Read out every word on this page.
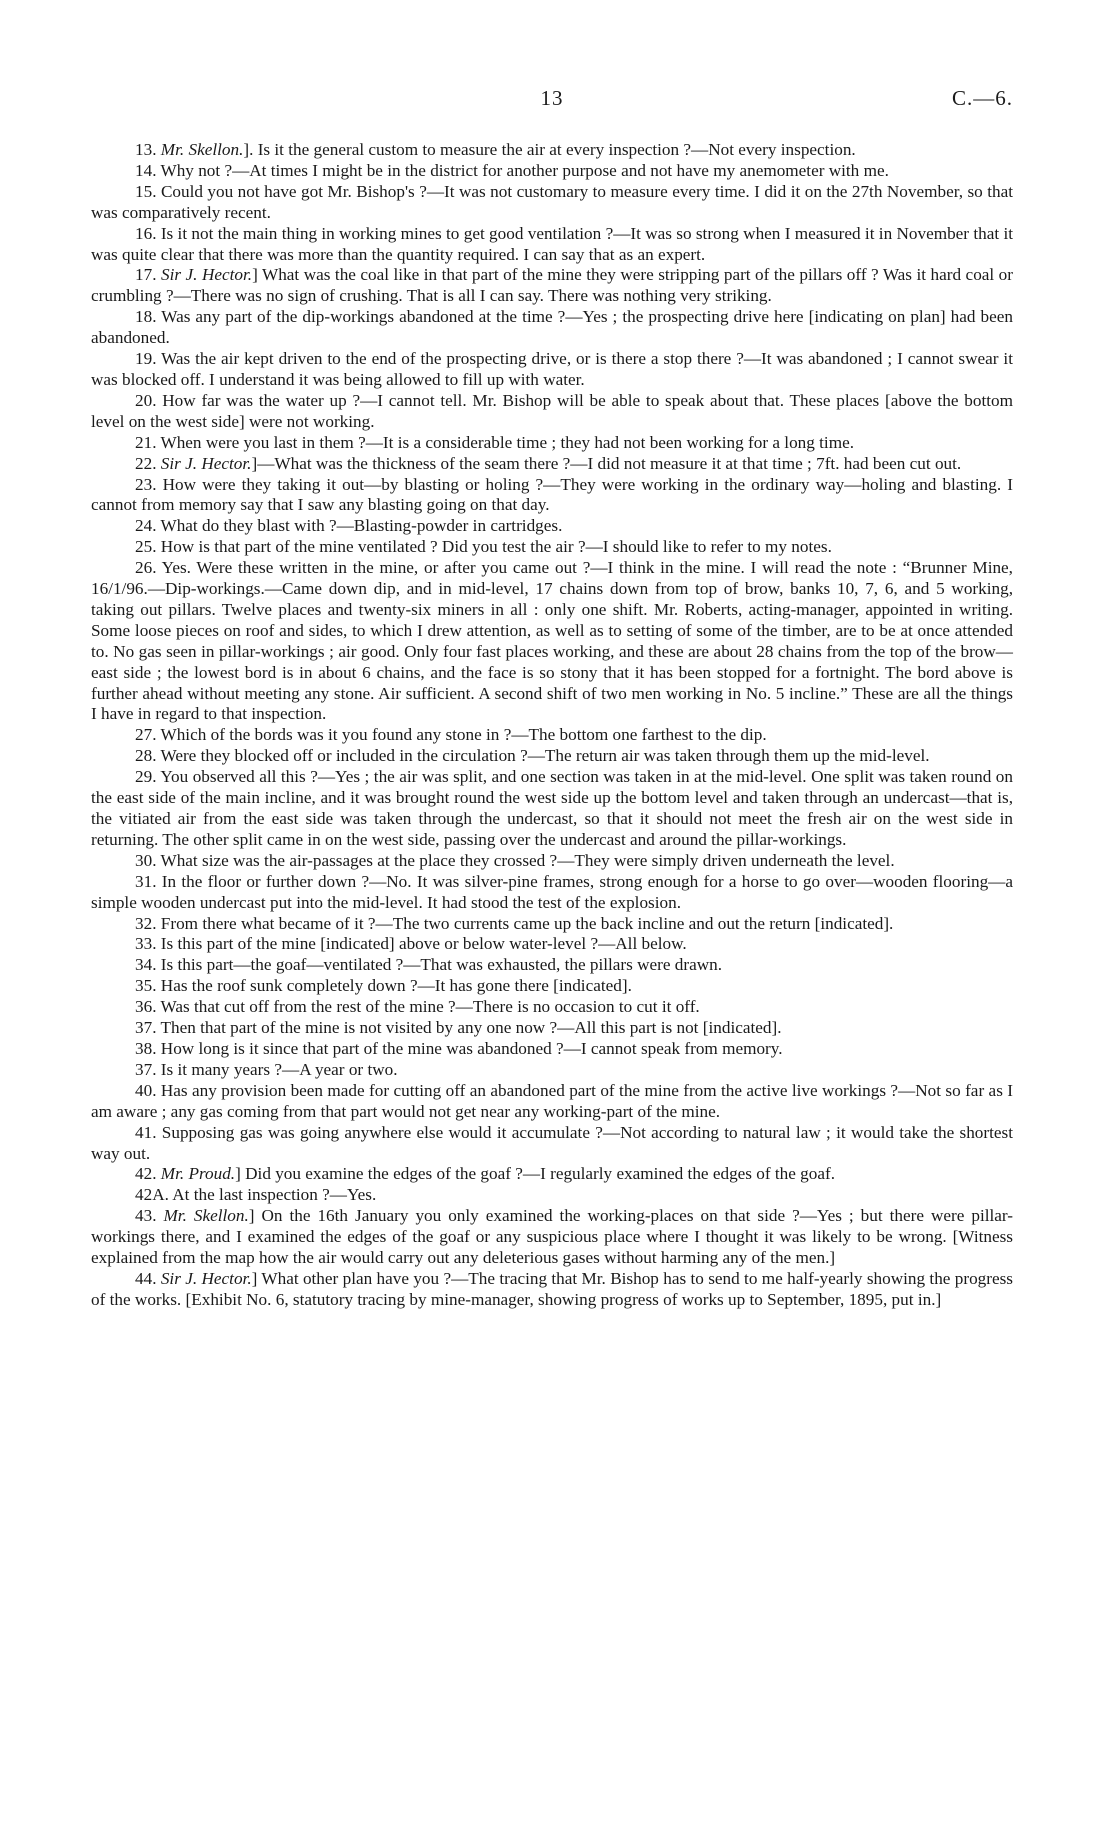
13	C.—6.

13. Mr. Skellon.]. Is it the general custom to measure the air at every inspection ?—Not every inspection.

14. Why not ?—At times I might be in the district for another purpose and not have my anemometer with me.

15. Could you not have got Mr. Bishop's ?—It was not customary to measure every time. I did it on the 27th November, so that was comparatively recent.

16. Is it not the main thing in working mines to get good ventilation ?—It was so strong when I measured it in November that it was quite clear that there was more than the quantity required. I can say that as an expert.

17. Sir J. Hector.] What was the coal like in that part of the mine they were stripping part of the pillars off ? Was it hard coal or crumbling ?—There was no sign of crushing. That is all I can say. There was nothing very striking.

18. Was any part of the dip-workings abandoned at the time ?—Yes ; the prospecting drive here [indicating on plan] had been abandoned.

19. Was the air kept driven to the end of the prospecting drive, or is there a stop there ?—It was abandoned ; I cannot swear it was blocked off. I understand it was being allowed to fill up with water.

20. How far was the water up ?—I cannot tell. Mr. Bishop will be able to speak about that. These places [above the bottom level on the west side] were not working.

21. When were you last in them ?—It is a considerable time ; they had not been working for a long time.

22. Sir J. Hector.]—What was the thickness of the seam there ?—I did not measure it at that time ; 7ft. had been cut out.

23. How were they taking it out—by blasting or holing ?—They were working in the ordinary way—holing and blasting. I cannot from memory say that I saw any blasting going on that day.

24. What do they blast with ?—Blasting-powder in cartridges.

25. How is that part of the mine ventilated ? Did you test the air ?—I should like to refer to my notes.

26. Yes. Were these written in the mine, or after you came out ?—I think in the mine. I will read the note : “Brunner Mine, 16/1/96.—Dip-workings.—Came down dip, and in mid-level, 17 chains down from top of brow, banks 10, 7, 6, and 5 working, taking out pillars. Twelve places and twenty-six miners in all : only one shift. Mr. Roberts, acting-manager, appointed in writing. Some loose pieces on roof and sides, to which I drew attention, as well as to setting of some of the timber, are to be at once attended to. No gas seen in pillar-workings ; air good. Only four fast places working, and these are about 28 chains from the top of the brow—east side ; the lowest bord is in about 6 chains, and the face is so stony that it has been stopped for a fortnight. The bord above is further ahead without meeting any stone. Air sufficient. A second shift of two men working in No. 5 incline.” These are all the things I have in regard to that inspection.

27. Which of the bords was it you found any stone in ?—The bottom one farthest to the dip.

28. Were they blocked off or included in the circulation ?—The return air was taken through them up the mid-level.

29. You observed all this ?—Yes ; the air was split, and one section was taken in at the mid-level. One split was taken round on the east side of the main incline, and it was brought round the west side up the bottom level and taken through an undercast—that is, the vitiated air from the east side was taken through the undercast, so that it should not meet the fresh air on the west side in returning. The other split came in on the west side, passing over the undercast and around the pillar-workings.

30. What size was the air-passages at the place they crossed ?—They were simply driven underneath the level.

31. In the floor or further down ?—No. It was silver-pine frames, strong enough for a horse to go over—wooden flooring—a simple wooden undercast put into the mid-level. It had stood the test of the explosion.

32. From there what became of it ?—The two currents came up the back incline and out the return [indicated].

33. Is this part of the mine [indicated] above or below water-level ?—All below.

34. Is this part—the goaf—ventilated ?—That was exhausted, the pillars were drawn.

35. Has the roof sunk completely down ?—It has gone there [indicated].

36. Was that cut off from the rest of the mine ?—There is no occasion to cut it off.

37. Then that part of the mine is not visited by any one now ?—All this part is not [indicated].

38. How long is it since that part of the mine was abandoned ?—I cannot speak from memory.

37. Is it many years ?—A year or two.

40. Has any provision been made for cutting off an abandoned part of the mine from the active live workings ?—Not so far as I am aware ; any gas coming from that part would not get near any working-part of the mine.

41. Supposing gas was going anywhere else would it accumulate ?—Not according to natural law ; it would take the shortest way out.

42. Mr. Proud.] Did you examine the edges of the goaf ?—I regularly examined the edges of the goaf.

42A. At the last inspection ?—Yes.

43. Mr. Skellon.] On the 16th January you only examined the working-places on that side ?—Yes ; but there were pillar-workings there, and I examined the edges of the goaf or any suspicious place where I thought it was likely to be wrong. [Witness explained from the map how the air would carry out any deleterious gases without harming any of the men.]

44. Sir J. Hector.] What other plan have you ?—The tracing that Mr. Bishop has to send to me half-yearly showing the progress of the works. [Exhibit No. 6, statutory tracing by mine-manager, showing progress of works up to September, 1895, put in.]
